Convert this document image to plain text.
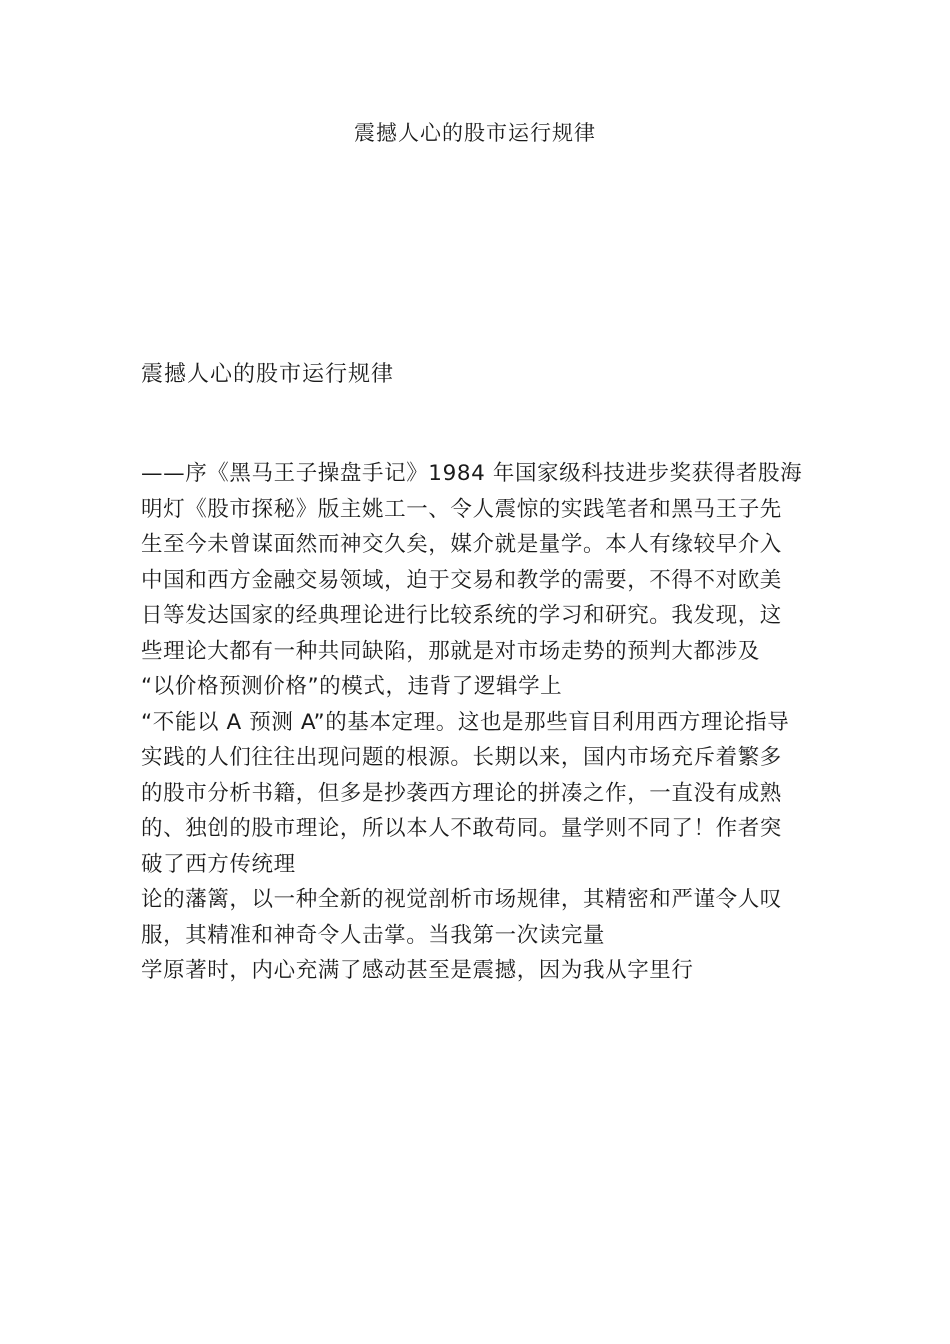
震撼人心的股市运行规律
震撼人心的股市运行规律
——序《黑马王子操盘手记》1984 年国家级科技进步奖获得者股海
明灯《股市探秘》版主姚工一、令人震惊的实践笔者和黑马王子先
生至今未曾谋面然而神交久矣，媒介就是量学。本人有缘较早介入
中国和西方金融交易领域，迫于交易和教学的需要，不得不对欧美
日等发达国家的经典理论进行比较系统的学习和研究。我发现，这
些理论大都有一种共同缺陷，那就是对市场走势的预判大都涉及
“以价格预测价格”的模式，违背了逻辑学上
“不能以 A 预测 A”的基本定理。这也是那些盲目利用西方理论指导
实践的人们往往出现问题的根源。长期以来，国内市场充斥着繁多
的股市分析书籍，但多是抄袭西方理论的拼凑之作，一直没有成熟
的、独创的股市理论，所以本人不敢苟同。量学则不同了！作者突
破了西方传统理
论的藩篱，以一种全新的视觉剖析市场规律，其精密和严谨令人叹
服，其精准和神奇令人击掌。当我第一次读完量
学原著时，内心充满了感动甚至是震撼，因为我从字里行
